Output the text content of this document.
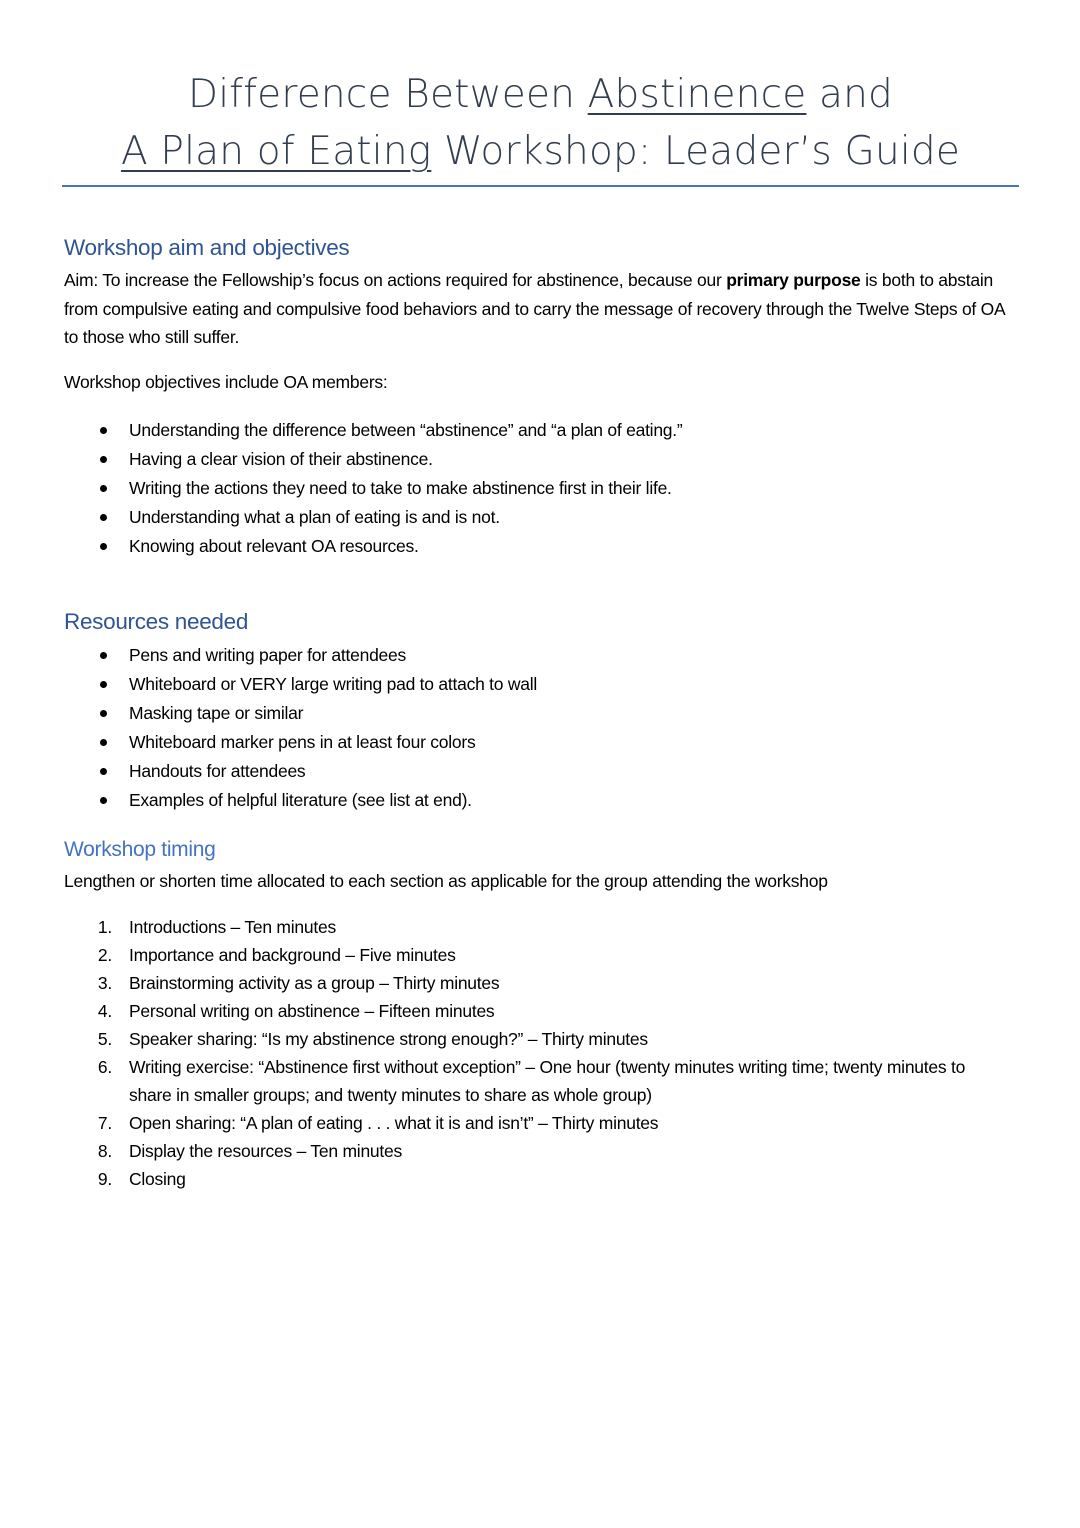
Difference Between Abstinence and
A Plan of Eating Workshop: Leader’s Guide
Workshop aim and objectives
Aim: To increase the Fellowship’s focus on actions required for abstinence, because our primary purpose is both to abstain from compulsive eating and compulsive food behaviors and to carry the message of recovery through the Twelve Steps of OA to those who still suffer.
Workshop objectives include OA members:
Understanding the difference between “abstinence” and “a plan of eating.”
Having a clear vision of their abstinence.
Writing the actions they need to take to make abstinence first in their life.
Understanding what a plan of eating is and is not.
Knowing about relevant OA resources.
Resources needed
Pens and writing paper for attendees
Whiteboard or VERY large writing pad to attach to wall
Masking tape or similar
Whiteboard marker pens in at least four colors
Handouts for attendees
Examples of helpful literature (see list at end).
Workshop timing
Lengthen or shorten time allocated to each section as applicable for the group attending the workshop
1. Introductions – Ten minutes
2. Importance and background – Five minutes
3. Brainstorming activity as a group – Thirty minutes
4. Personal writing on abstinence – Fifteen minutes
5. Speaker sharing: “Is my abstinence strong enough?” – Thirty minutes
6. Writing exercise: “Abstinence first without exception” – One hour (twenty minutes writing time; twenty minutes to share in smaller groups; and twenty minutes to share as whole group)
7. Open sharing: “A plan of eating . . . what it is and isn’t” – Thirty minutes
8. Display the resources – Ten minutes
9. Closing
